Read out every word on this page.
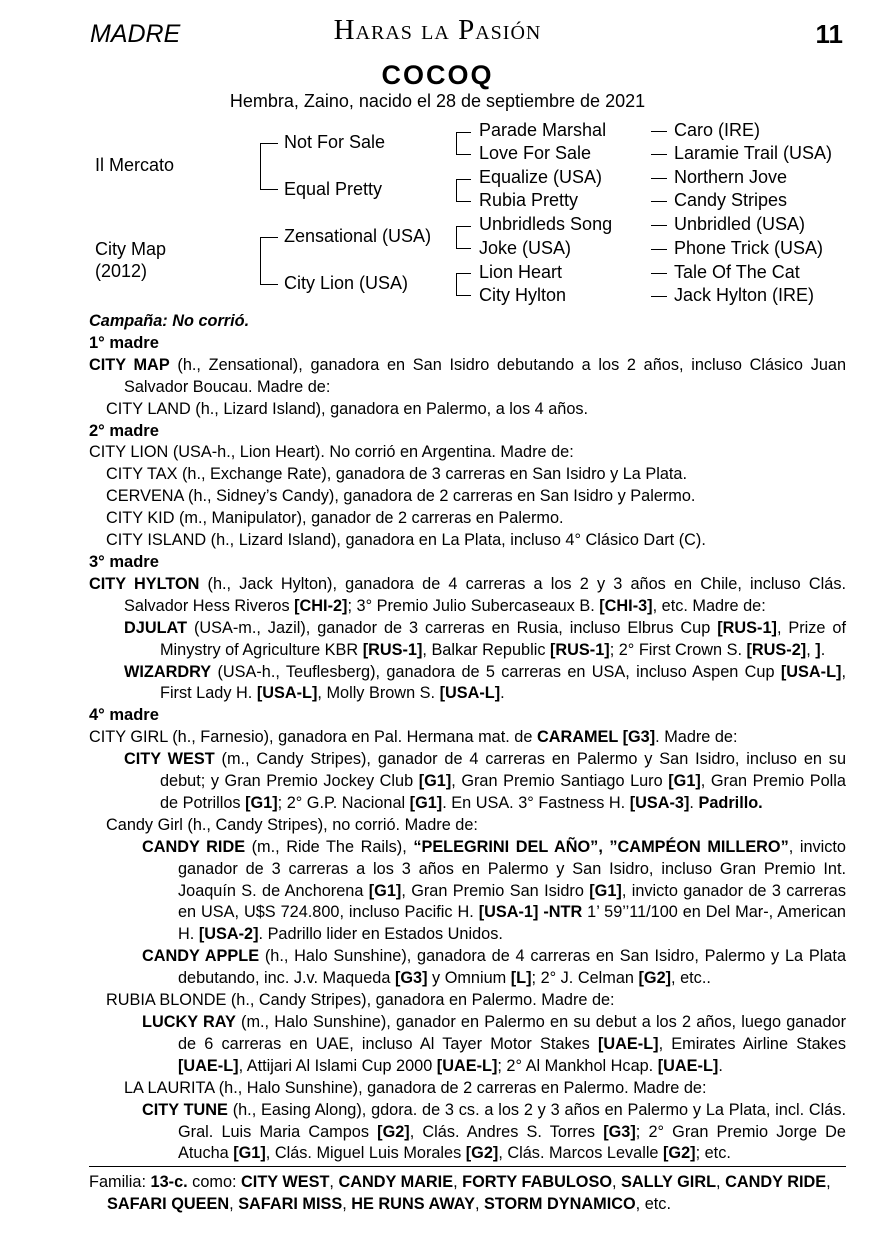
MADRE	Haras la Pasión	11
COCOQ
Hembra, Zaino, nacido el 28 de septiembre de 2021
Il Mercato
City Map
(2012)
Not For Sale
Equal Pretty
Zensational (USA)
City Lion (USA)
Parade Marshal
Love For Sale
Equalize (USA)
Rubia Pretty
Unbridleds Song
Joke (USA)
Lion Heart
City Hylton
Caro (IRE)
Laramie Trail (USA)
Northern Jove
Candy Stripes
Unbridled (USA)
Phone Trick (USA)
Tale Of The Cat
Jack Hylton (IRE)

Campaña: No corrió.

1° madre

CITY MAP (h., Zensational), ganadora en San Isidro debutando a los 2 años, incluso Clásico Juan Salvador Boucau. Madre de:

CITY LAND (h., Lizard Island), ganadora en Palermo, a los 4 años.

2° madre

CITY LION (USA-h., Lion Heart). No corrió en Argentina. Madre de:

CITY TAX (h., Exchange Rate), ganadora de 3 carreras en San Isidro y La Plata.

CERVENA (h., Sidney’s Candy), ganadora de 2 carreras en San Isidro y Palermo.

CITY KID (m., Manipulator), ganador de 2 carreras en Palermo.

CITY ISLAND (h., Lizard Island), ganadora en La Plata, incluso 4° Clásico Dart (C).

3° madre

CITY HYLTON (h., Jack Hylton), ganadora de 4 carreras a los 2 y 3 años en Chile, incluso Clás. Salvador Hess Riveros [CHI-2]; 3° Premio Julio Subercaseaux B. [CHI-3], etc. Madre de:

DJULAT (USA-m., Jazil), ganador de 3 carreras en Rusia, incluso Elbrus Cup [RUS-1], Prize of Minystry of Agriculture KBR [RUS-1], Balkar Republic [RUS-1]; 2° First Crown S. [RUS-2], ].

WIZARDRY (USA-h., Teuflesberg), ganadora de 5 carreras en USA, incluso Aspen Cup [USA-L], First Lady H. [USA-L], Molly Brown S. [USA-L].

4° madre

CITY GIRL (h., Farnesio), ganadora en Pal. Hermana mat. de CARAMEL [G3]. Madre de:

CITY WEST (m., Candy Stripes), ganador de 4 carreras en Palermo y San Isidro, incluso en su debut; y Gran Premio Jockey Club [G1], Gran Premio Santiago Luro [G1], Gran Premio Polla de Potrillos [G1]; 2° G.P. Nacional [G1]. En USA. 3° Fastness H. [USA-3]. Padrillo.

Candy Girl (h., Candy Stripes), no corrió. Madre de:

CANDY RIDE (m., Ride The Rails), “PELEGRINI DEL AÑO”, ”CAMPÉON MILLERO”, invicto ganador de 3 carreras a los 3 años en Palermo y San Isidro, incluso Gran Premio Int. Joaquín S. de Anchorena [G1], Gran Premio San Isidro [G1], invicto ganador de 3 carreras en USA, U$S 724.800, incluso Pacific H. [USA-1] -NTR 1’ 59’’11/100 en Del Mar-, American H. [USA-2]. Padrillo lider en Estados Unidos.

CANDY APPLE (h., Halo Sunshine), ganadora de 4 carreras en San Isidro, Palermo y La Plata debutando, inc. J.v. Maqueda [G3] y Omnium [L]; 2° J. Celman [G2], etc..

RUBIA BLONDE (h., Candy Stripes), ganadora en Palermo. Madre de:

LUCKY RAY (m., Halo Sunshine), ganador en Palermo en su debut a los 2 años, luego ganador de 6 carreras en UAE, incluso Al Tayer Motor Stakes [UAE-L], Emirates Airline Stakes [UAE-L], Attijari Al Islami Cup 2000 [UAE-L]; 2° Al Mankhol Hcap. [UAE-L].

LA LAURITA (h., Halo Sunshine), ganadora de 2 carreras en Palermo. Madre de:

CITY TUNE (h., Easing Along), gdora. de 3 cs. a los 2 y 3 años en Palermo y La Plata, incl. Clás. Gral. Luis Maria Campos [G2], Clás. Andres S. Torres [G3]; 2° Gran Premio Jorge De Atucha [G1], Clás. Miguel Luis Morales [G2], Clás. Marcos Levalle [G2]; etc.

Familia: 13-c. como: CITY WEST, CANDY MARIE, FORTY FABULOSO, SALLY GIRL, CANDY RIDE, SAFARI QUEEN, SAFARI MISS, HE RUNS AWAY, STORM DYNAMICO, etc.
